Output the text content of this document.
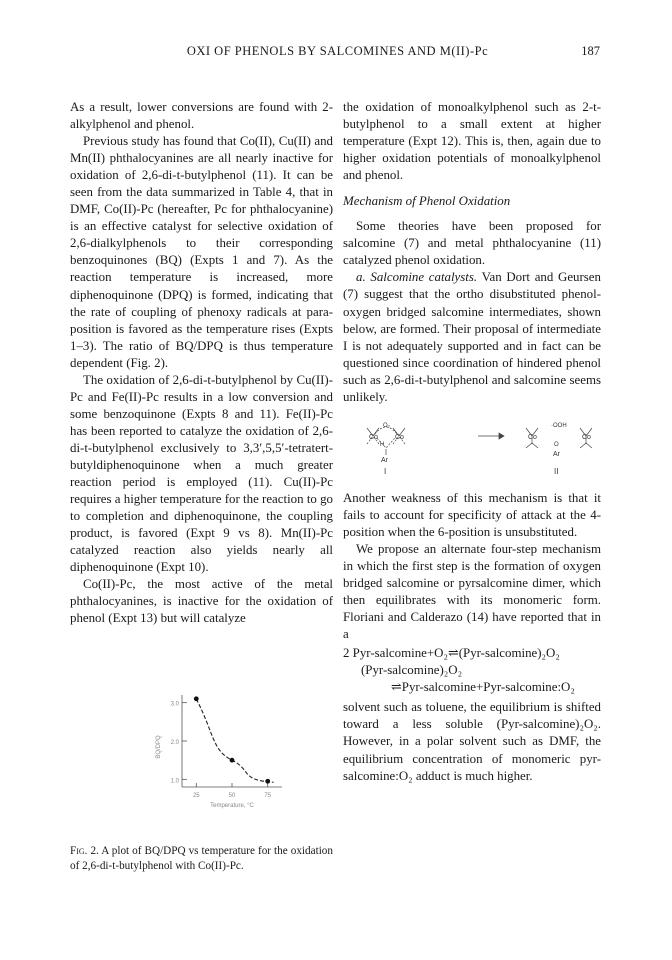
OXI OF PHENOLS BY SALCOMINES AND M(II)-Pc	187

As a result, lower conversions are found with 2-alkylphenol and phenol.

Previous study has found that Co(II), Cu(II) and Mn(II) phthalocyanines are all nearly inactive for oxidation of 2,6-di-t-butylphenol (11). It can be seen from the data summarized in Table 4, that in DMF, Co(II)-Pc (hereafter, Pc for phthalocyanine) is an effective catalyst for selective oxidation of 2,6-dialkylphenols to their corresponding benzoquinones (BQ) (Expts 1 and 7). As the reaction temperature is increased, more diphenoquinone (DPQ) is formed, indicating that the rate of coupling of phenoxy radicals at para-position is favored as the temperature rises (Expts 1–3). The ratio of BQ/DPQ is thus temperature dependent (Fig. 2).

The oxidation of 2,6-di-t-butylphenol by Cu(II)-Pc and Fe(II)-Pc results in a low conversion and some benzoquinone (Expts 8 and 11). Fe(II)-Pc has been reported to catalyze the oxidation of 2,6-di-t-butylphenol exclusively to 3,3′,5,5′-tetratert-butyldiphenoquinone when a much greater reaction period is employed (11). Cu(II)-Pc requires a higher temperature for the reaction to go to completion and diphenoquinone, the coupling product, is favored (Expt 9 vs 8). Mn(II)-Pc catalyzed reaction also yields nearly all diphenoquinone (Expt 10).

Co(II)-Pc, the most active of the metal phthalocyanines, is inactive for the oxidation of phenol (Expt 13) but will catalyze

1.0
2.0
3.0
25	50	75
Temperature, °C
BQ/DPQ
Fig. 2. A plot of BQ/DPQ vs temperature for the oxidation of 2,6-di-t-butylphenol with Co(II)-Pc.

the oxidation of monoalkylphenol such as 2-t-butylphenol to a small extent at higher temperature (Expt 12). This is, then, again due to higher oxidation potentials of monoalkylphenol and phenol.

Mechanism of Phenol Oxidation

Some theories have been proposed for salcomine (7) and metal phthalocyanine (11) catalyzed phenol oxidation.

a. Salcomine catalysts. Van Dort and Geursen (7) suggest that the ortho disubstituted phenol-oxygen bridged salcomine intermediates, shown below, are formed. Their proposal of intermediate I is not adequately supported and in fact can be questioned since coordination of hindered phenol such as 2,6-di-t-butylphenol and salcomine seems unlikely.

Co Co
O₂
H
Ar
·OOH
Co	Co
O
Ar
I	II

Another weakness of this mechanism is that it fails to account for specificity of attack at the 4-position when the 6-position is unsubstituted.

We propose an alternate four-step mechanism in which the first step is the formation of oxygen bridged salcomine or pyrsalcomine dimer, which then equilibrates with its monomeric form. Floriani and Calderazo (14) have reported that in a

2 Pyr-salcomine+O₂⇌(Pyr-salcomine)₂O₂

(Pyr-salcomine)₂O₂

⇌Pyr-salcomine+Pyr-salcomine:O₂

solvent such as toluene, the equilibrium is shifted toward a less soluble (Pyr-salcomine)₂O₂. However, in a polar solvent such as DMF, the equilibrium concentration of monomeric pyr-salcomine:O₂ adduct is much higher.
